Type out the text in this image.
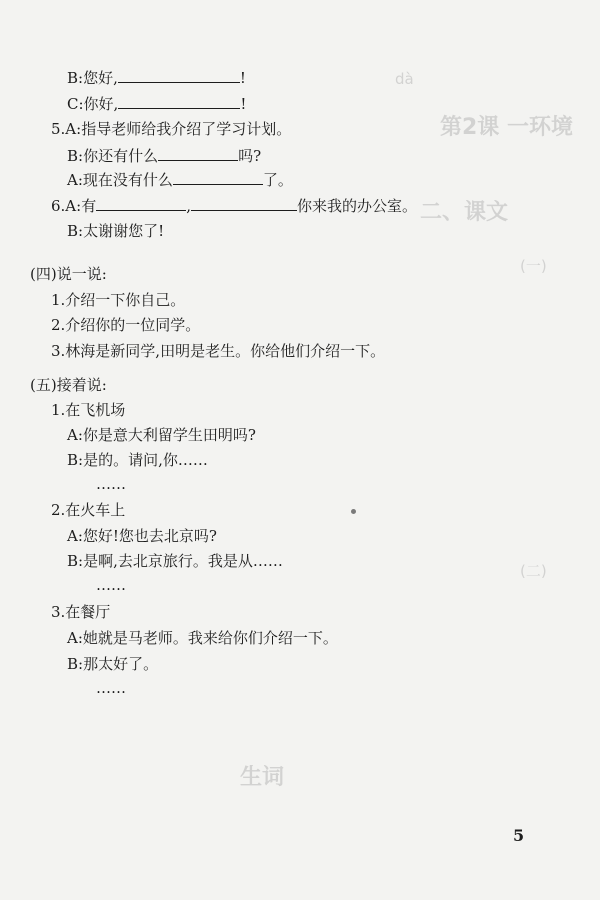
dà
第2课 一环境
二、课文
(一)
(二)
生词
B:您好,	!
C:你好,	!
5.A:指导老师给我介绍了学习计划。
B:你还有什么	吗?
A:现在没有什么	了。
6.A:有	,	你来我的办公室。
B:太谢谢您了!
(四)说一说:
1.介绍一下你自己。
2.介绍你的一位同学。
3.林海是新同学,田明是老生。你给他们介绍一下。
(五)接着说:
1.在飞机场
A:你是意大利留学生田明吗?
B:是的。请问,你……
……
2.在火车上
A:您好!您也去北京吗?
B:是啊,去北京旅行。我是从……
……
3.在餐厅
A:她就是马老师。我来给你们介绍一下。
B:那太好了。
……
5
